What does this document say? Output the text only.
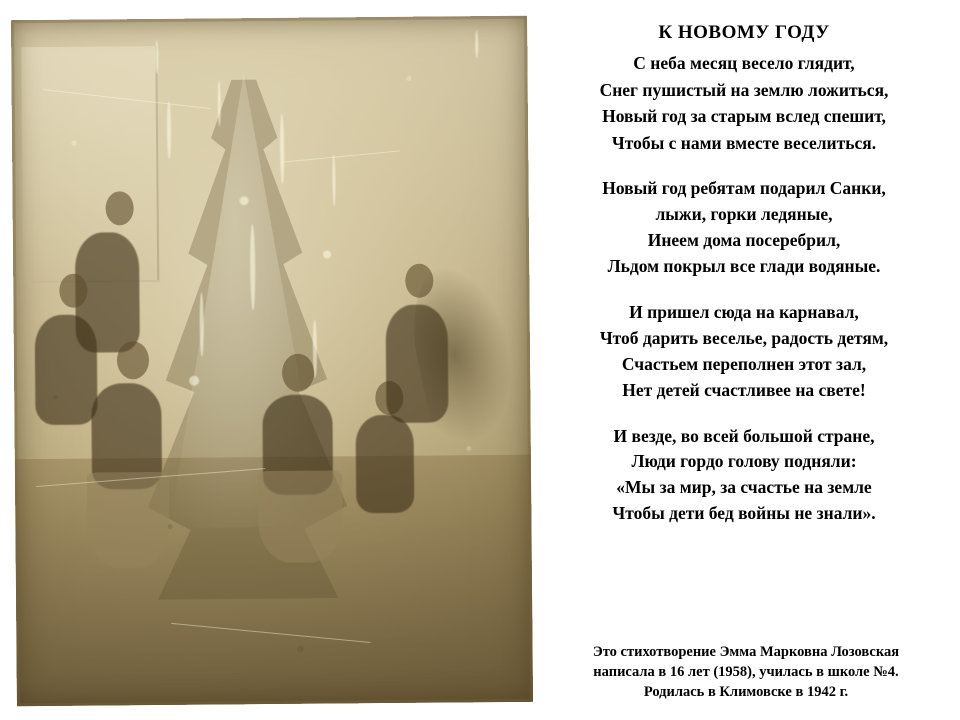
К НОВОМУ ГОДУ
С неба месяц весело глядит,
Снег пушистый на землю ложиться,
Новый год за старым вслед спешит,
Чтобы с нами вместе веселиться.
Новый год ребятам подарил Санки,
лыжи, горки ледяные,
Инеем дома посеребрил,
Льдом покрыл все глади водяные.
И пришел сюда на карнавал,
Чтоб дарить веселье, радость детям,
Счастьем переполнен этот зал,
Нет детей счастливее на свете!
И везде, во всей большой стране,
Люди гордо голову подняли:
«Мы за мир, за счастье на земле
Чтобы дети бед войны не знали».
Это стихотворение Эмма Марковна Лозовская
написала в 16 лет (1958), училась в школе №4.
Родилась в Климовске в 1942 г.
